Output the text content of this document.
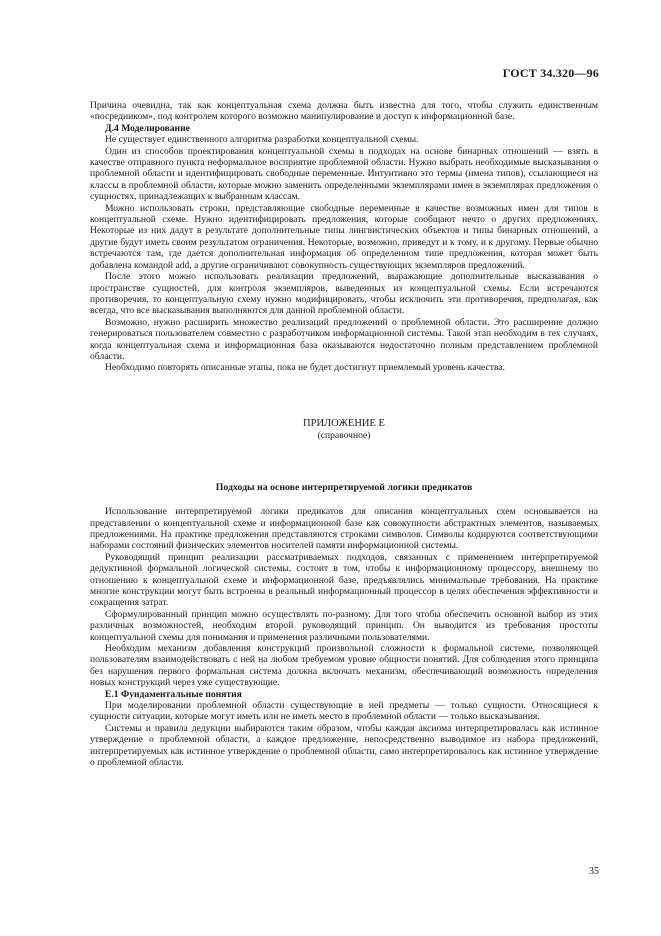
ГОСТ 34.320—96

Причина очевидна, так как концептуальная схема должна быть известна для того, чтобы служить единственным «посредником», под контролем которого возможно манипулирование и доступ к информационной базе.

Д.4 Моделирование

Не существует единственного алгоритма разработки концептуальной схемы.

Один из способов проектирования концептуальной схемы в подходах на основе бинарных отношений — взять в качестве отправного пункта неформальное восприятие проблемной области. Нужно выбрать необходимые высказывания о проблемной области и идентифицировать свободные переменные. Интуитивно это термы (имена типов), ссылающиеся на классы в проблемной области, которые можно заменить определенными экземплярами имен в экземплярах предложения о сущностях, принадлежащих к выбранным классам.

Можно использовать строки, представляющие свободные переменные в качестве возможных имен для типов в концептуальной схеме. Нужно идентифицировать предложения, которые сообщают нечто о других предложениях. Некоторые из них дадут в результате дополнительные типы лингвистических объектов и типы бинарных отношений, а другие будут иметь своим результатом ограничения. Некоторые, возможно, приведут и к тому, и к другому. Первые обычно встречаются там, где дается дополнительная информация об определенном типе предложения, которая может быть добавлена командой add, а другие ограничивают совокупность существующих экземпляров предложений.

После этого можно использовать реализации предложений, выражающие дополнительные высказывания о пространстве сущностей, для контроля экземпляров, выведенных из концептуальной схемы. Если встречаются противоречия, то концептуальную схему нужно модифицировать, чтобы исключить эти противоречия, предполагая, как всегда, что все высказывания выполняются для данной проблемной области.

Возможно, нужно расширить множество реализаций предложений о проблемной области. Это расширение должно генерироваться пользователем совместно с разработчиком информационной системы. Такой этап необходим в тех случаях, когда концептуальная схема и информационная база оказываются недостаточно полным представлением проблемной области.

Необходимо повторять описанные этапы, пока не будет достигнут приемлемый уровень качества.

ПРИЛОЖЕНИЕ Е
(справочное)
Подходы на основе интерпретируемой логики предикатов

Использование интерпретируемой логики предикатов для описания концептуальных схем основывается на представлении о концептуальной схеме и информационной базе как совокупности абстрактных элементов, называемых предложениями. На практике предложения представляются строками символов. Символы кодируются соответствующими наборами состояний физических элементов носителей памяти информационной системы.

Руководящий принцип реализации рассматриваемых подходов, связанных с применением интерпретируемой дедуктивной формальной логической системы, состоит в том, чтобы к информационному процессору, внешнему по отношению к концептуальной схеме и информационной базе, предъявлялись минимальные требования. На практике многие конструкции могут быть встроены в реальный информационный процессор в целях обеспечения эффективности и сокращения затрат.

Сформулированный принцип можно осуществлять по-разному. Для того чтобы обеспечить основной выбор из этих различных возможностей, необходим второй руководящий принцип. Он выводится из требования простоты концептуальной схемы для понимания и применения различными пользователями.

Необходим механизм добавления конструкций произвольной сложности к формальной системе, позволяющей пользователям взаимодействовать с ней на любом требуемом уровне общности понятий. Для соблюдения этого принципа без нарушения первого формальная система должна включать механизм, обеспечивающий возможность определения новых конструкций через уже существующие.

Е.1 Фундаментальные понятия

При моделировании проблемной области существующие в ней предметы — только сущности. Относящиеся к сущности ситуации, которые могут иметь или не иметь место в проблемной области — только высказывания.

Системы и правила дедукции выбираются таким образом, чтобы каждая аксиома интерпретировалась как истинное утверждение о проблемной области, а каждое предложение, непосредственно выводимое из набора предложений, интерпретируемых как истинное утверждение о проблемной области, само интерпретировалось как истинное утверждение о проблемной области.

35
